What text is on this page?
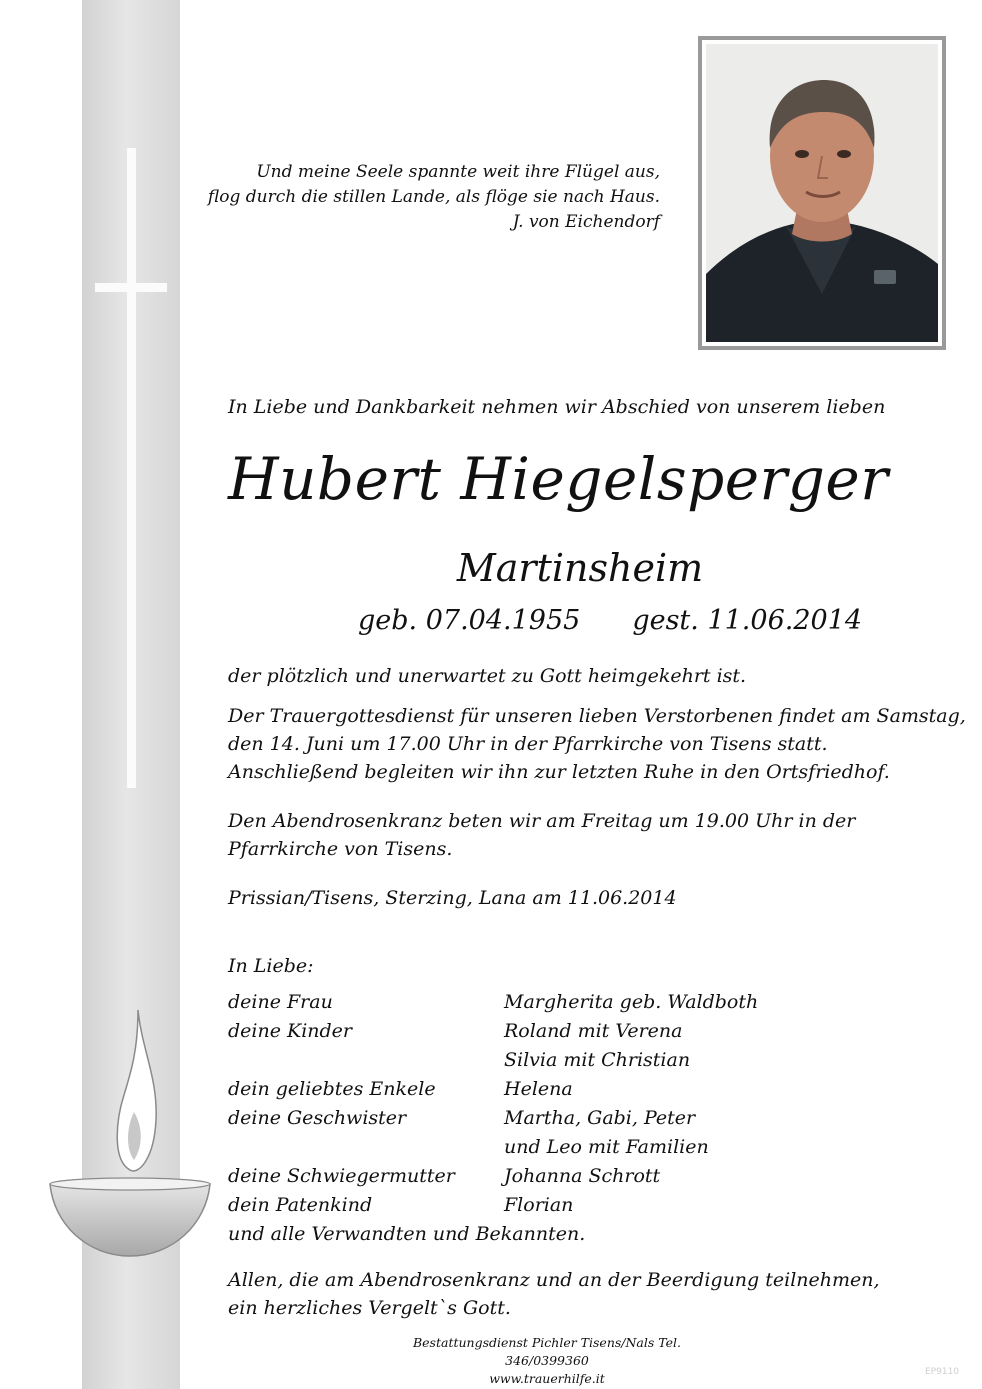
Und meine Seele spannte weit ihre Flügel aus,
flog durch die stillen Lande, als flöge sie nach Haus.
J. von Eichendorf
In Liebe und Dankbarkeit nehmen wir Abschied von unserem lieben
Hubert Hiegelsperger
Martinsheim
geb. 07.04.1955 gest. 11.06.2014
der plötzlich und unerwartet zu Gott heimgekehrt ist.
Der Trauergottesdienst für unseren lieben Verstorbenen findet am Samstag,
den 14. Juni um 17.00 Uhr in der Pfarrkirche von Tisens statt.
Anschließend begleiten wir ihn zur letzten Ruhe in den Ortsfriedhof.
Den Abendrosenkranz beten wir am Freitag um 19.00 Uhr in der
Pfarrkirche von Tisens.
Prissian/Tisens, Sterzing, Lana am 11.06.2014
In Liebe:
deine Frau	Margherita geb. Waldboth
deine Kinder	Roland mit Verena
Silvia mit Christian
dein geliebtes Enkele	Helena
deine Geschwister	Martha, Gabi, Peter
und Leo mit Familien
deine Schwiegermutter	Johanna Schrott
dein Patenkind	Florian
und alle Verwandten und Bekannten.
Allen, die am Abendrosenkranz und an der Beerdigung teilnehmen,
ein herzliches Vergelt`s Gott.
Bestattungsdienst Pichler Tisens/Nals Tel. 346/0399360
www.trauerhilfe.it	EP9110
